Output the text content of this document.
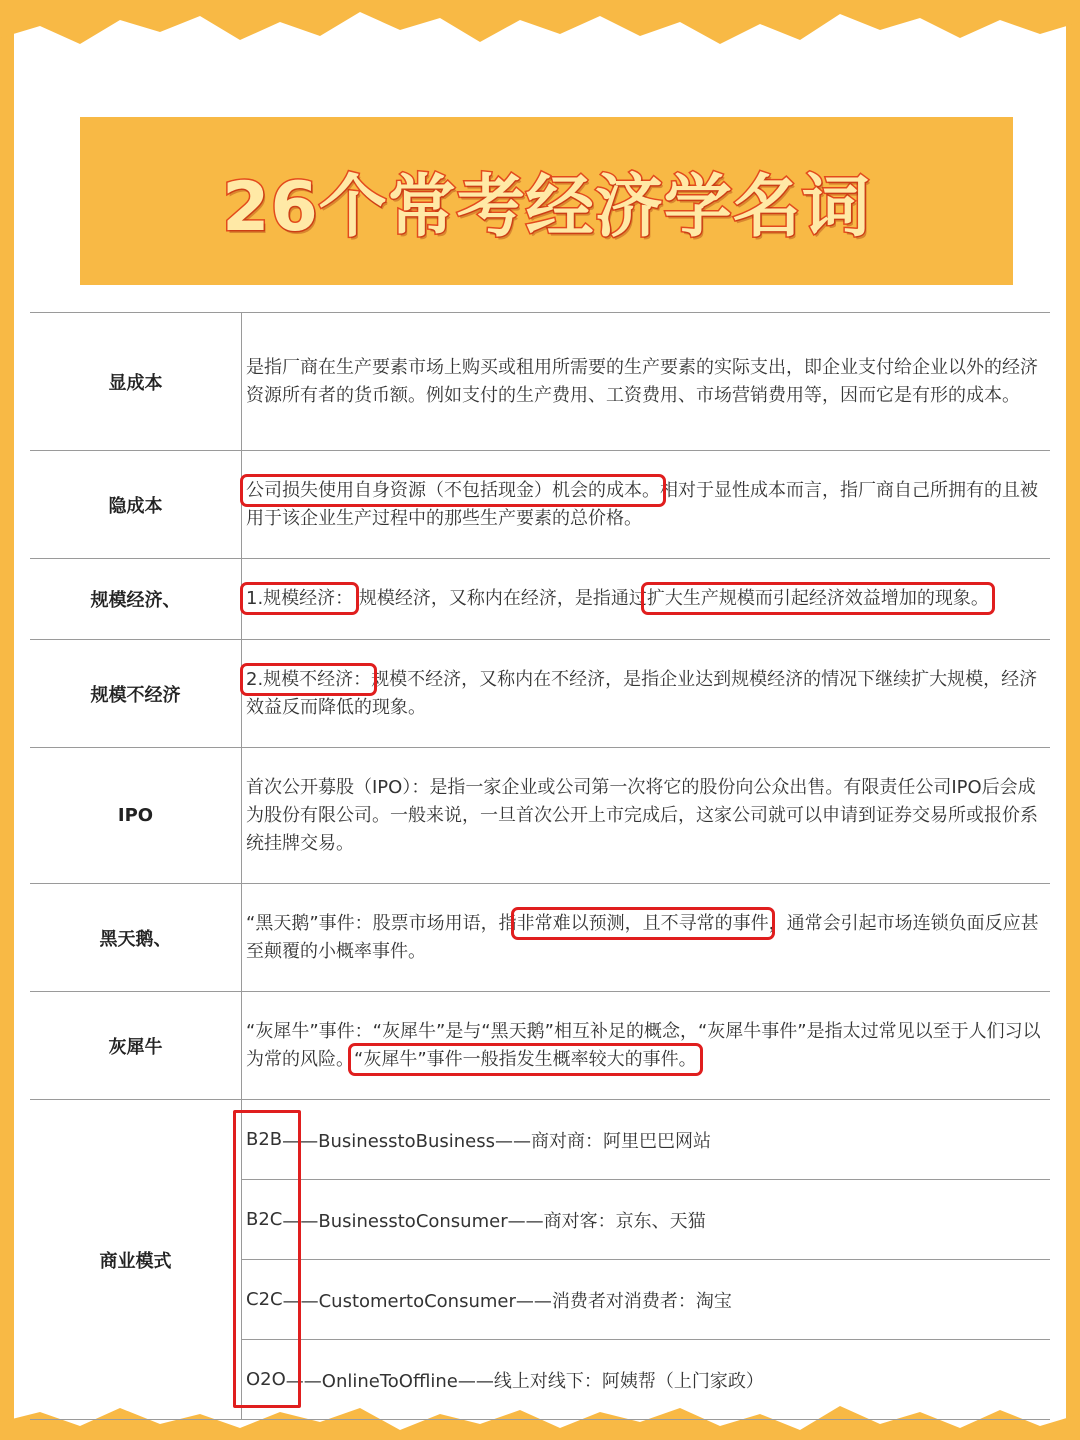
26个常考经济学名词
显成本

是指厂商在生产要素市场上购买或租用所需要的生产要素的实际支出，即企业支付给企业以外的经济资源所有者的货币额。例如支付的生产费用、工资费用、市场营销费用等，因而它是有形的成本。

隐成本

公司损失使用自身资源（不包括现金）机会的成本。相对于显性成本而言，指厂商自己所拥有的且被用于该企业生产过程中的那些生产要素的总价格。

规模经济、	1.规模经济： 规模经济，又称内在经济，是指通过扩大生产规模而引起经济效益增加的现象。

规模不经济

2.规模不经济：规模不经济，又称内在不经济，是指企业达到规模经济的情况下继续扩大规模，经济效益反而降低的现象。

IPO

首次公开募股（IPO）：是指一家企业或公司第一次将它的股份向公众出售。有限责任公司IPO后会成为股份有限公司。一般来说，一旦首次公开上市完成后，这家公司就可以申请到证券交易所或报价系统挂牌交易。

黑天鹅、

“黑天鹅”事件：股票市场用语，指非常难以预测，且不寻常的事件，通常会引起市场连锁负面反应甚至颠覆的小概率事件。

灰犀牛

“灰犀牛”事件：“灰犀牛”是与“黑天鹅”相互补足的概念，“灰犀牛事件”是指太过常见以至于人们习以为常的风险。“灰犀牛”事件一般指发生概率较大的事件。

商业模式
B2B ——BusinesstoBusiness——商对商：阿里巴巴网站
B2C ——BusinesstoConsumer——商对客：京东、天猫
C2C ——CustomertoConsumer——消费者对消费者：淘宝
O2O ——OnlineToOffline——线上对线下：阿姨帮（上门家政）
